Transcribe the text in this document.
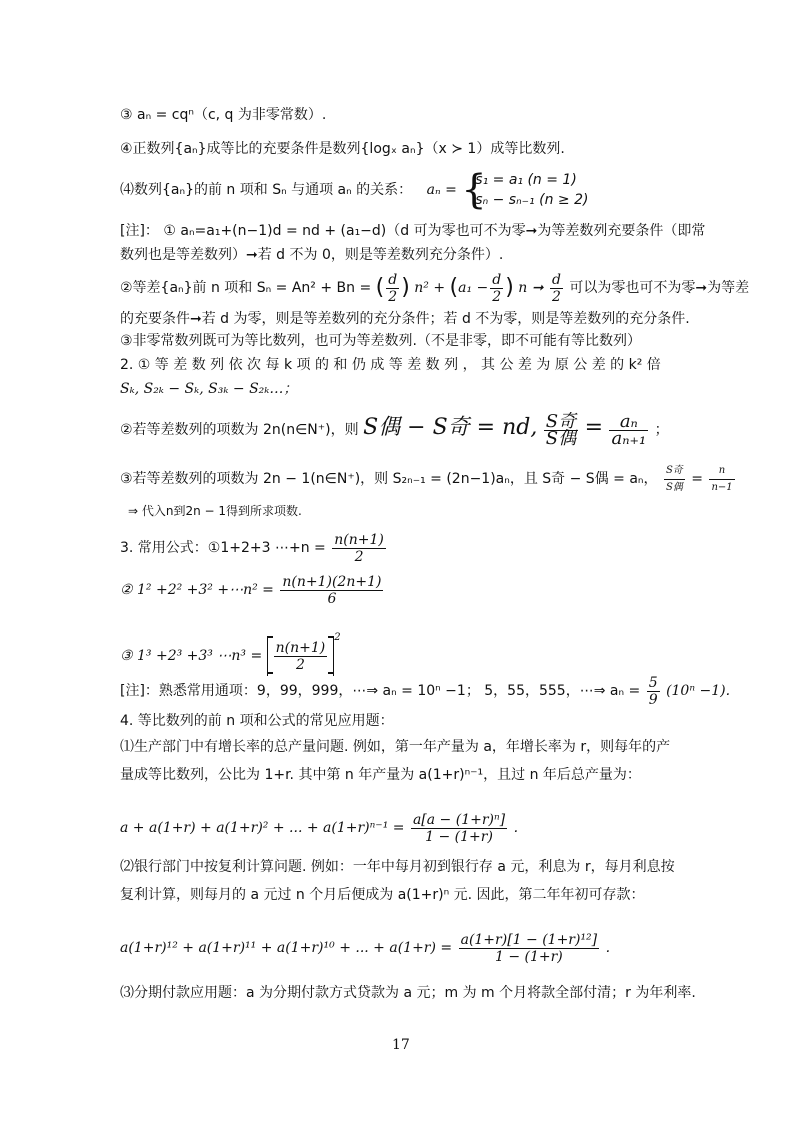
③ aₙ = cqⁿ（c, q 为非零常数）.
④正数列{aₙ}成等比的充要条件是数列{logₓ aₙ}（x ≻ 1）成等比数列.
⑷数列{aₙ}的前 n 项和 Sₙ 与通项 aₙ 的关系： aₙ = {
s₁ = a₁ (n = 1)
sₙ − sₙ₋₁ (n ≥ 2)
[注]： ① aₙ=a₁+(n−1)d = nd + (a₁−d)（d 可为零也可不为零➞为等差数列充要条件（即常
数列也是等差数列）➞若 d 不为 0，则是等差数列充分条件）.
②等差{aₙ}前 n 项和 Sₙ = An² + Bn = ( $\frac{d}{2}$ ) $n^2 + (a_1 - \frac{d}{2}$ ) n ➞ $\frac{d}{2}$ 可以为零也可不为零➞为等差
的充要条件➞若 d 为零，则是等差数列的充分条件；若 d 不为零，则是等差数列的充分条件.
③非零常数列既可为等比数列，也可为等差数列.（不是非零，即不可能有等比数列）
2. ① 等 差 数 列 依 次 每 k 项 的 和 仍 成 等 差 数 列 ， 其 公 差 为 原 公 差 的 k² 倍
Sₖ, S₂ₖ − Sₖ, S₃ₖ − S₂ₖ…；
②若等差数列的项数为 2n(n∈N⁺)，则 S偶 − S奇 = nd, $\frac{\text{S奇}}{\text{S偶}} = \frac{\text{aₙ}}{\text{aₙ₊₁}}$ ；
③若等差数列的项数为 2n − 1(n∈N⁺)，则 S₂ₙ₋₁ = (2n−1)aₙ，且 S奇 − S偶 = aₙ， $\frac{\text{S奇}}{\text{S偶}} = \frac{n}{n-1}$
⇒ 代入n到2n − 1得到所求项数.
3. 常用公式：①1+2+3 ⋯+n = $\frac{n(n+1)}{2}$
② 1² +2² +3² +⋯n² = $\frac{n(n+1)(2n+1)}{6}$
③ 1³ +2³ +3³ ⋯n³ = $\frac{n(n+1)}{2}$
$^2$
[注]：熟悉常用通项：9，99，999，⋯⇒ aₙ = 10ⁿ −1； 5，55，555，⋯⇒ $a_n = \frac{5}{9} (10^n -1)$.
4. 等比数列的前 n 项和公式的常见应用题：
⑴生产部门中有增长率的总产量问题. 例如，第一年产量为 a，年增长率为 r，则每年的产
量成等比数列，公比为 1+r. 其中第 n 年产量为 a(1+r)ⁿ⁻¹，且过 n 年后总产量为：
a + a(1+r) + a(1+r)² + ... + $a(1+r)^{n-1} = \frac{\text{a[a − (1+r)ⁿ]}}{1 - (1+r)}$ .
⑵银行部门中按复利计算问题. 例如：一年中每月初到银行存 a 元，利息为 r，每月利息按
复利计算，则每月的 a 元过 n 个月后便成为 a(1+r)ⁿ 元. 因此，第二年年初可存款：
a(1+r)¹² + a(1+r)¹¹ + a(1+r)¹⁰ + ... + $a(1+r) = \frac{\text{a(1+r)[1 − (1+r)¹²]}}{1 - (1+r)}$ .
⑶分期付款应用题：a 为分期付款方式贷款为 a 元；m 为 m 个月将款全部付清；r 为年利率.
17
